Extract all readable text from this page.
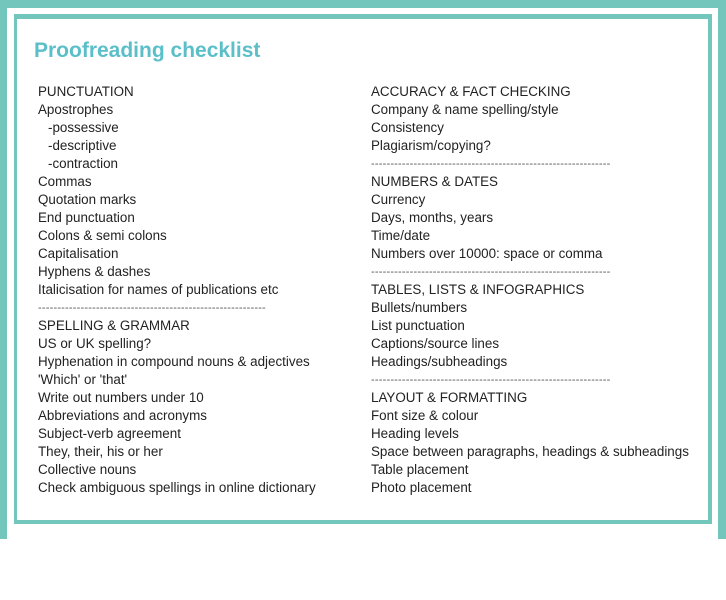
Proofreading checklist
PUNCTUATION
Apostrophes
-possessive
-descriptive
-contraction
Commas
Quotation marks
End punctuation
Colons & semi colons
Capitalisation
Hyphens & dashes
Italicisation for names of publications etc
-----------------------------------------------------------
SPELLING & GRAMMAR
US or UK spelling?
Hyphenation in compound nouns & adjectives
'Which' or 'that'
Write out numbers under 10
Abbreviations and acronyms
Subject-verb agreement
They, their, his or her
Collective nouns
Check ambiguous spellings in online dictionary
ACCURACY & FACT CHECKING
Company & name spelling/style
Consistency
Plagiarism/copying?
--------------------------------------------------------------
NUMBERS & DATES
Currency
Days, months, years
Time/date
Numbers over 10000: space or comma
--------------------------------------------------------------
TABLES, LISTS & INFOGRAPHICS
Bullets/numbers
List punctuation
Captions/source lines
Headings/subheadings
--------------------------------------------------------------
LAYOUT & FORMATTING
Font size & colour
Heading levels
Space between paragraphs, headings & subheadings
Table placement
Photo placement
